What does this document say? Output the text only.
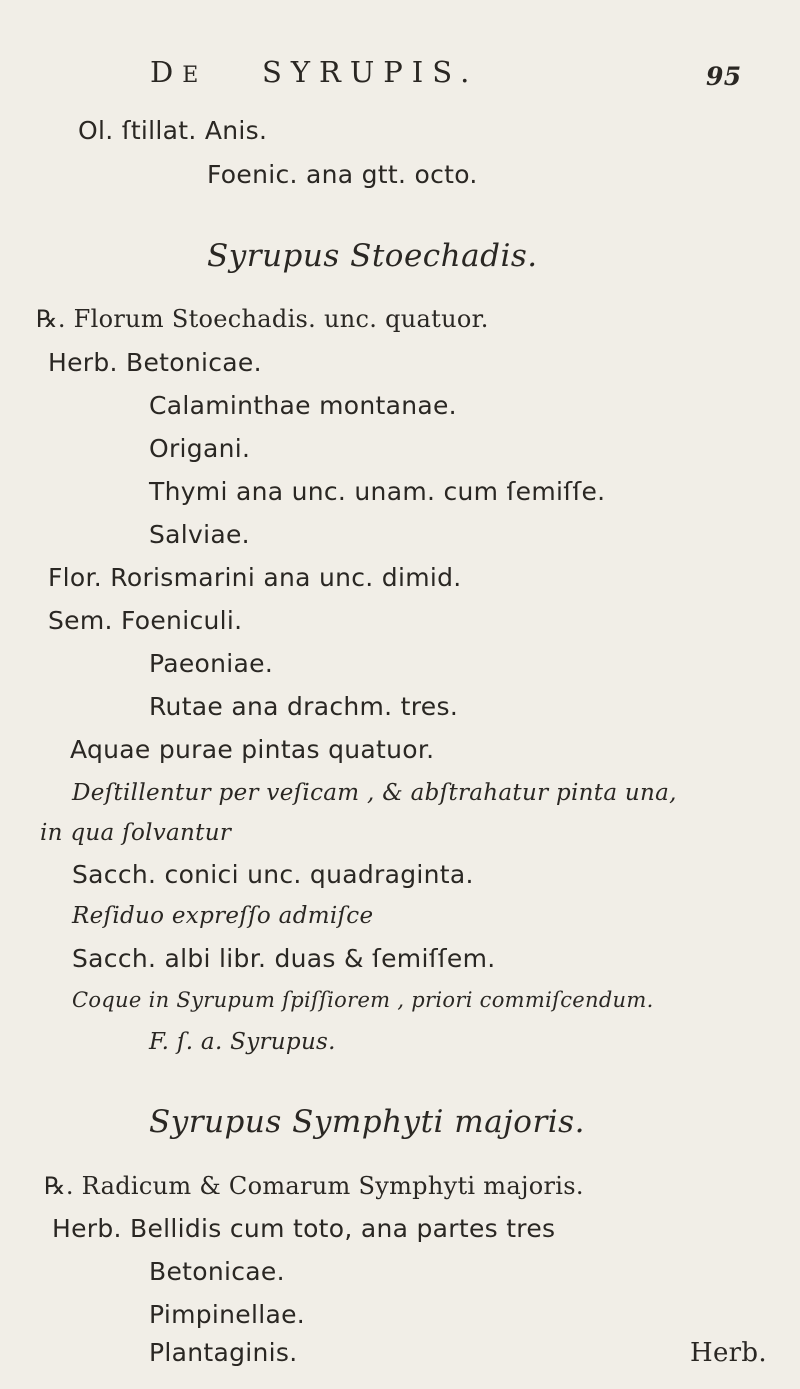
DE SYRUPIS.	95
Ol. ſtillat. Anis.
Foenic. ana gtt. octo.
Syrupus Stoechadis.
℞. Florum Stoechadis. unc. quatuor.
Herb. Betonicae.
Calaminthae montanae.
Origani.
Thymi ana unc. unam. cum ſemiſſe.
Salviae.
Flor. Rorismarini ana unc. dimid.
Sem. Foeniculi.
Paeoniae.
Rutae ana drachm. tres.
Aquae purae pintas quatuor.
Deſtillentur per veſicam , & abſtrahatur pinta una,
in qua ſolvantur
Sacch. conici unc. quadraginta.
Reſiduo expreſſo admiſce
Sacch. albi libr. duas & ſemiſſem.
Coque in Syrupum ſpiſſiorem , priori commiſcendum.
F. ſ. a. Syrupus.
Syrupus Symphyti majoris.
℞. Radicum & Comarum Symphyti majoris.
Herb. Bellidis cum toto, ana partes tres
Betonicae.
Pimpinellae.
Plantaginis.	Herb.
